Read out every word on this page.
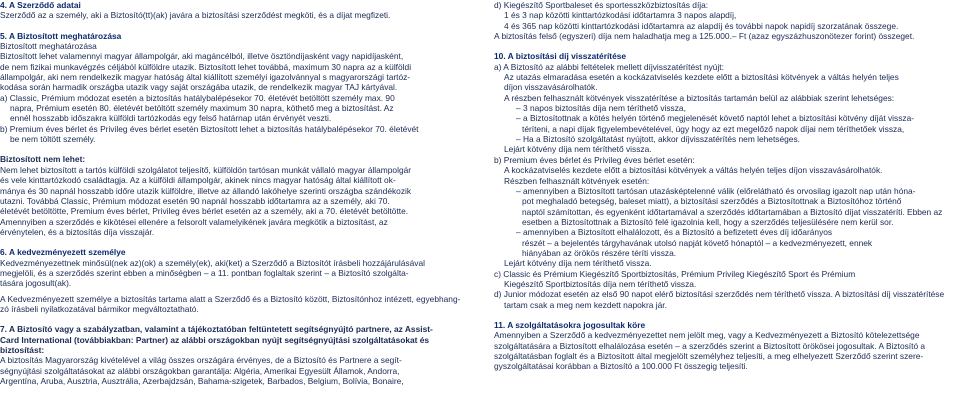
4. A Szerződő adatai
Szerződő az a személy, aki a Biztosító(tt)(ak) javára a biztosítási szerződést megköti, és a díjat megfizeti.
5. A Biztosított meghatározása
Biztosított meghatározása
Biztosított lehet valamennyi magyar állampolgár, aki magáncélból, illetve ösztöndíjasként vagy napidíjasként,
de nem fizikai munkavégzés céljából külföldre utazik. Biztosított lehet továbbá, maximum 30 napra az a külföldi
állampolgár, aki nem rendelkezik magyar hatóság által kiállított személyi igazolvánnyal s magyarországi tartóz-
kodása során harmadik országba utazik vagy saját országába utazik, de rendelkezik magyar TAJ kártyával.
a) Classic, Prémium módozat esetén a biztosítás hatálybalépésekor 70. életévét betöltött személy max. 90
napra, Prémium esetén 80. életévét betöltött személy maximum 30 napra, köthető meg a biztosítást. Az
ennél hosszabb időszakra külföldi tartózkodás egy felső határnap után érvényét veszti.
b) Premium éves bérlet és Privileg éves bérlet esetén Biztosított lehet a biztosítás hatálybalépésekor 70. életévét
be nem töltött személy.
Biztosított nem lehet:
Nem lehet biztosított a tartós külföldi szolgálatot teljesítő, külföldön tartósan munkát vállaló magyar állampolgár
és vele kinttartózkodó családtagja. Az a külföldi állampolgár, akinek nincs magyar hatóság által kiállított ok-
mánya és 30 napnál hosszabb időre utazik külföldre, illetve az állandó lakóhelye szerinti országba szándékozik
utazni. Továbbá Classic, Prémium módozat esetén 90 napnál hosszabb időtartamra az a személy, aki 70.
életévét betöltötte, Premium éves bérlet, Privileg éves bérlet esetén az a személy, aki a 70. életévét betöltötte.
Amennyiben a szerződés e kikötései ellenére a felsorolt valamelyikének javára megkötik a biztosítást, az
érvénytelen, és a biztosítás díja visszajár.
6. A kedvezményezett személye
Kedvezményezettnek minősül(nek az)(ok) a személy(ek), aki(ket) a Szerződő a Biztosítót írásbeli hozzájárulásával
megjelöli, és a szerződés szerint ebben a minőségben – a 11. pontban foglaltak szerint – a Biztosító szolgálta-
tására jogosult(ak).
A Kedvezményezett személye a biztosítás tartama alatt a Szerződő és a Biztosító között, Biztosítónhoz intézett, egyebhang-
zó írásbeli nyilatkozatával bármikor megváltoztatható.
7. A Biztosító vagy a szabályzatban, valamint a tájékoztatóban feltüntetett segítségnyújtó partnere, az Assist-
Card International (továbbiakban: Partner) az alábbi országokban nyújt segítségnyújtási szolgáltatásokat és
biztosítást:
A biztosítás Magyarország kivételével a világ összes országára érvényes, de a Biztosító és Partnere a segít-
ségnyújtási szolgáltatásokat az alábbi országokban garantálja: Algéria, Amerikai Egyesült Államok, Andorra,
Argentína, Aruba, Ausztria, Ausztrália, Azerbajdzsán, Bahama-szigetek, Barbados, Belgium, Bolívia, Bonaire,
d) Kiegészítő Sportbaleset és sportesszközbiztosítás díja:
1 és 3 nap közötti kinttartózkodási időtartamra 3 napos alapdíj,
4 és 365 nap közötti kinttartózkodási időtartamra az alapdíj és további napok napidíj szorzatának összege.
A biztosítás felső (egyszeri) díja nem haladhatja meg a 125.000.– Ft (azaz egyszázhuszonötezer forint) összeget.
10. A biztosítási díj visszatérítése
a) A Biztosító az alábbi feltételek mellett díjvisszatérítést nyújt:
Az utazás elmaradása esetén a kockázatviselés kezdete előtt a biztosítási kötvények a váltás helyén teljes
díjon visszavásárolhatók.
A részben felhasznált kötvények visszatérítése a biztosítás tartamán belül az alábbiak szerint lehetséges:
– 3 napos biztosítás díja nem téríthető vissza,
– a Biztosítottnak a kötés helyén történő megjelenését követő naptól lehet a biztosítási kötvény díját vissza-
téríteni, a napi díjak figyelembevételével, úgy hogy az ezt megelőző napok díjai nem téríthetőek vissza,
– Ha a Biztosító szolgáltatást nyújtott, akkor díjvisszatérítés nem lehetséges.
Lejárt kötvény díja nem téríthető vissza.
b) Premium éves bérlet és Privileg éves bérlet esetén:
A kockázatviselés kezdete előtt a biztosítási kötvények a váltás helyén teljes díjon visszavásárolhatók.
Részben felhasznált kötvények esetén:
– amennyiben a Biztosított tartósan utazásképtelenné válik (előrelátható és orvosilag igazolt nap után hóna-
pot meghaladó betegség, baleset miatt), a biztosítási szerződés a Biztosítottnak a Biztosítóhoz történő
naptól számítottan, és egyenként időtartamával a szerződés időtartamában a Biztosító díjat visszatéríti. Ebben az
esetben a Biztosítottnak a Biztosító felé igazolnia kell, hogy a szerződés teljesülésére nem kerül sor.
– amennyiben a Biztosított elhalálozott, és a Biztosító a befizetett éves díj időarányos
részét – a bejelentés tárgyhavának utolsó napját követő hónaptól – a kedvezményezett, ennek
hiányában az örökös részére téríti vissza.
Lejárt kötvény díja nem téríthető vissza.
c) Classic és Prémium Kiegészítő Sportbiztosítás, Prémium Privileg Kiegészítő Sport és Prémium
Kiegészítő Sportbiztosítás díja nem téríthető vissza.
d) Junior módozat esetén az első 90 napot elérő biztosítási szerződés nem téríthető vissza. A biztosítási díj visszatérítése
tartam csak a meg nem kezdett napokra jár.
11. A szolgáltatásokra jogosultak köre
Amennyiben a Szerződő a kedvezményezettet nem jelölt meg, vagy a Kedvezményezett a Biztosító kötelezettsége
szolgáltatására a Biztosított elhalálozása esetén – a szerződés szerint a Biztosított örökösei jogosultak. A Biztosító a
szolgáltatásban foglalt és a Biztosított által megjelölt személyhez teljesíti, a meg elhelyezett Szerződő szerint szere-
gyszolgáltatásai korábban a Biztosító a 100.000 Ft összegig teljesíti.
